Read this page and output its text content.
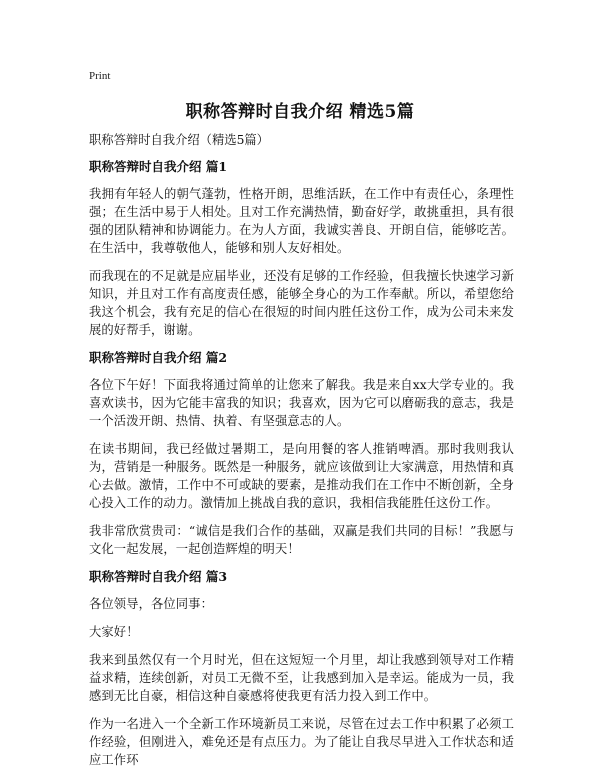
Print
职称答辩时自我介绍 精选5篇
职称答辩时自我介绍（精选5篇）
职称答辩时自我介绍 篇1

我拥有年轻人的朝气蓬勃，性格开朗，思维活跃，在工作中有责任心，条理性强；在生活中易于人相处。且对工作充满热情，勤奋好学，敢挑重担，具有很强的团队精神和协调能力。在为人方面，我诚实善良、开朗自信，能够吃苦。在生活中，我尊敬他人，能够和别人友好相处。

而我现在的不足就是应届毕业，还没有足够的工作经验，但我擅长快速学习新知识，并且对工作有高度责任感，能够全身心的为工作奉献。所以，希望您给我这个机会，我有充足的信心在很短的时间内胜任这份工作，成为公司未来发展的好帮手，谢谢。

职称答辩时自我介绍 篇2

各位下午好！下面我将通过简单的让您来了解我。我是来自xx大学专业的。我喜欢读书，因为它能丰富我的知识；我喜欢，因为它可以磨砺我的意志，我是一个活泼开朗、热情、执着、有坚强意志的人。

在读书期间，我已经做过暑期工，是向用餐的客人推销啤酒。那时我则我认为，营销是一种服务。既然是一种服务，就应该做到让大家满意，用热情和真心去做。激情，工作中不可或缺的要素，是推动我们在工作中不断创新，全身心投入工作的动力。激情加上挑战自我的意识，我相信我能胜任这份工作。

我非常欣赏贵司：“诚信是我们合作的基础，双赢是我们共同的目标！”我愿与文化一起发展，一起创造辉煌的明天！

职称答辩时自我介绍 篇3

各位领导，各位同事：

大家好！

我来到虽然仅有一个月时光，但在这短短一个月里，却让我感到领导对工作精益求精，连续创新，对员工无微不至，让我感到加入是幸运。能成为一员，我感到无比自豪，相信这种自豪感将使我更有活力投入到工作中。

作为一名进入一个全新工作环境新员工来说，尽管在过去工作中积累了必须工作经验，但刚进入，难免还是有点压力。为了能让自我尽早进入工作状态和适应工作环
